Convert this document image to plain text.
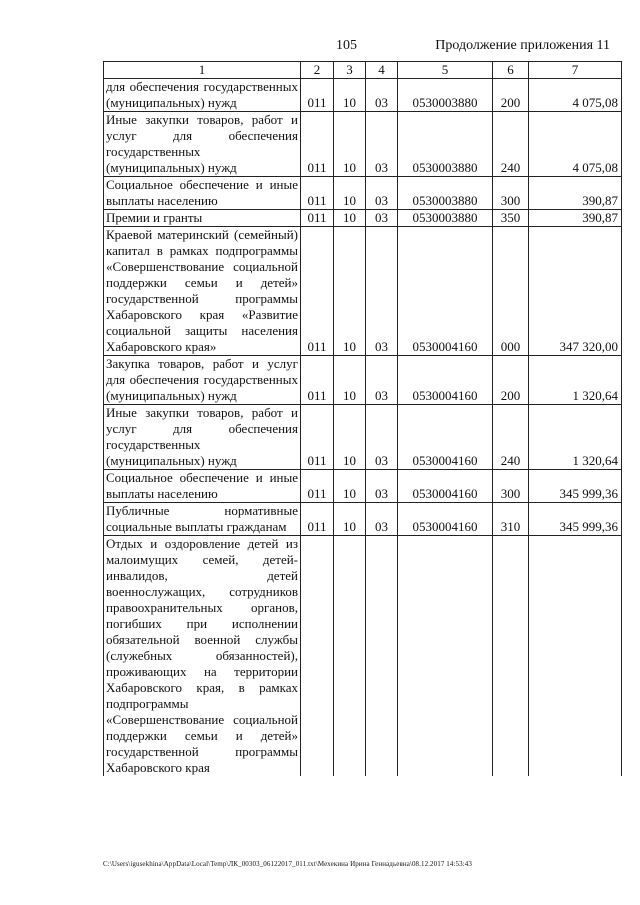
105	Продолжение приложения 11
1	2	3	4	5	6	7
для обеспечения государственных (муниципальных) нужд	011	10	03	0530003880	200	4 075,08
Иные закупки товаров, работ и услуг для обеспечения государственных (муниципальных) нужд	011	10	03	0530003880	240	4 075,08
Социальное обеспечение и иные выплаты населению	011	10	03	0530003880	300	390,87
Премии и гранты	011	10	03	0530003880	350	390,87
Краевой материнский (семейный) капитал в рамках подпрограммы «Совершенствование социальной поддержки семьи и детей» государственной программы Хабаровского края «Развитие социальной защиты населения Хабаровского края»	011	10	03	0530004160	000	347 320,00
Закупка товаров, работ и услуг для обеспечения государственных (муниципальных) нужд	011	10	03	0530004160	200	1 320,64
Иные закупки товаров, работ и услуг для обеспечения государственных (муниципальных) нужд	011	10	03	0530004160	240	1 320,64
Социальное обеспечение и иные выплаты населению	011	10	03	0530004160	300	345 999,36
Публичные нормативные социальные выплаты гражданам	011	10	03	0530004160	310	345 999,36
Отдых и оздоровление детей из малоимущих семей, детей-инвалидов, детей военнослужащих, сотрудников правоохранительных органов, погибших при исполнении обязательной военной службы (служебных обязанностей), проживающих на территории Хабаровского края, в рамках подпрограммы «Совершенствование социальной поддержки семьи и детей» государственной программы Хабаровского края						
C:\Users\igusekhina\AppData\Local\Temp\ЛК_00303_06122017_011.txt\Мехекина Ирина Геннадьевна\08.12.2017 14:53:43
